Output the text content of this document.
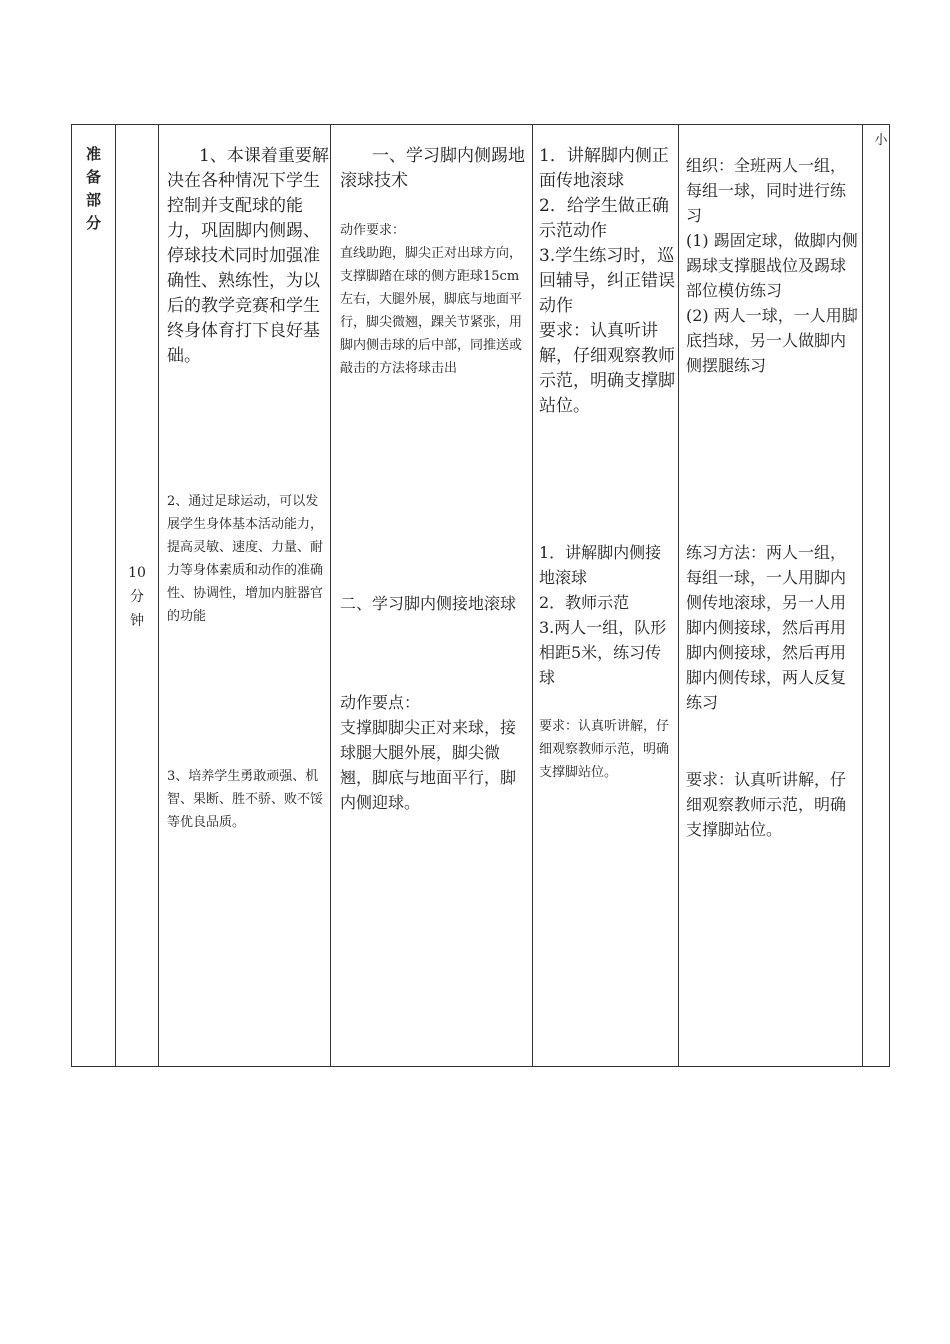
准
备
部
分
10
分
钟

1、本课着重要解决在各种情况下学生控制并支配球的能力，巩固脚内侧踢、停球技术同时加强准确性、熟练性，为以后的教学竞赛和学生终身体育打下良好基础。

2、通过足球运动，可以发展学生身体基本活动能力，提高灵敏、速度、力量、耐力等身体素质和动作的准确性、协调性，增加内脏器官的功能

3、培养学生勇敢顽强、机智、果断、胜不骄、败不馁等优良品质。

一、学习脚内侧踢地滚球技术

动作要求：

直线助跑，脚尖正对出球方向，支撑脚踏在球的侧方距球15cm左右，大腿外展，脚底与地面平行，脚尖微翘，踝关节紧张，用脚内侧击球的后中部，同推送或敲击的方法将球击出

二、学习脚内侧接地滚球

动作要点：

支撑脚脚尖正对来球，接球腿大腿外展，脚尖微翘，脚底与地面平行，脚内侧迎球。

1．讲解脚内侧正面传地滚球

2．给学生做正确示范动作

3.学生练习时，巡回辅导，纠正错误动作

要求：认真听讲解，仔细观察教师示范，明确支撑脚站位。

1．讲解脚内侧接地滚球

2．教师示范

3.两人一组，队形相距5米，练习传球

要求：认真听讲解，仔细观察教师示范，明确支撑脚站位。

组织：全班两人一组，每组一球，同时进行练习

(1) 踢固定球，做脚内侧踢球支撑腿战位及踢球部位模仿练习

(2) 两人一球，一人用脚底挡球，另一人做脚内侧摆腿练习

练习方法：两人一组，每组一球，一人用脚内侧传地滚球，另一人用脚内侧接球，然后再用脚内侧接球，然后再用脚内侧传球，两人反复练习

要求：认真听讲解，仔细观察教师示范，明确支撑脚站位。

小
